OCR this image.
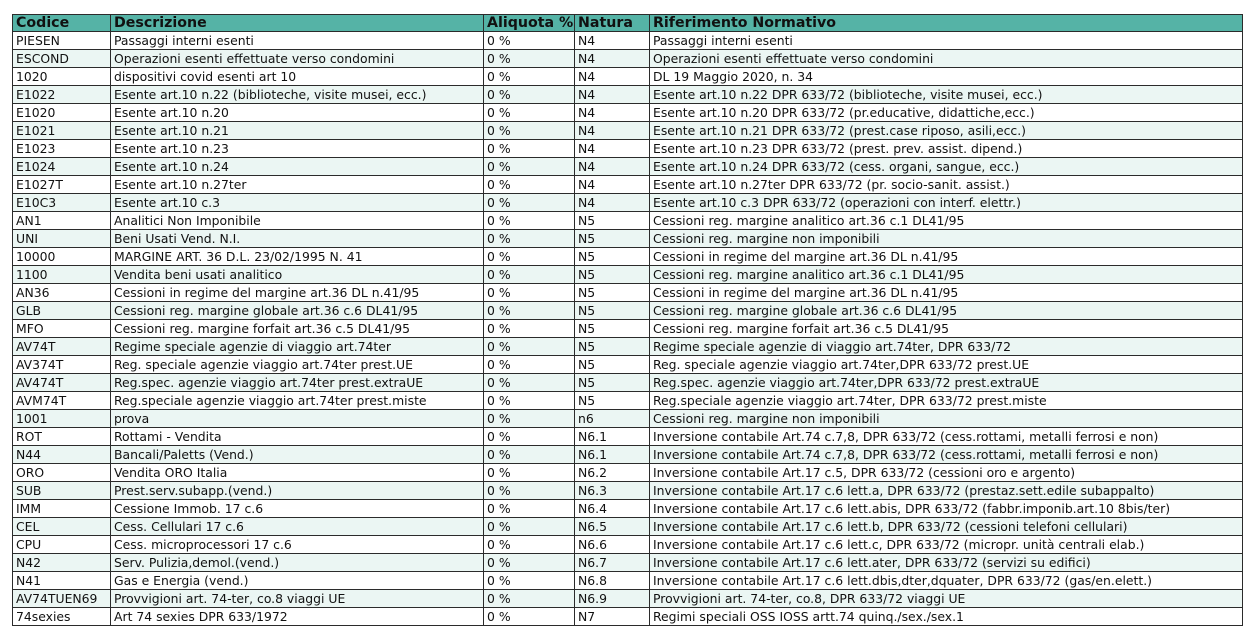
Codice	Descrizione	Aliquota %	Natura	Riferimento Normativo
PIESEN	Passaggi interni esenti	0 %	N4	Passaggi interni esenti
ESCOND	Operazioni esenti effettuate verso condomini	0 %	N4	Operazioni esenti effettuate verso condomini
1020	dispositivi covid esenti art 10	0 %	N4	DL 19 Maggio 2020, n. 34
E1022	Esente art.10 n.22 (biblioteche, visite musei, ecc.)	0 %	N4	Esente art.10 n.22 DPR 633/72 (biblioteche, visite musei, ecc.)
E1020	Esente art.10 n.20	0 %	N4	Esente art.10 n.20 DPR 633/72 (pr.educative, didattiche,ecc.)
E1021	Esente art.10 n.21	0 %	N4	Esente art.10 n.21 DPR 633/72 (prest.case riposo, asili,ecc.)
E1023	Esente art.10 n.23	0 %	N4	Esente art.10 n.23 DPR 633/72 (prest. prev. assist. dipend.)
E1024	Esente art.10 n.24	0 %	N4	Esente art.10 n.24 DPR 633/72 (cess. organi, sangue, ecc.)
E1027T	Esente art.10 n.27ter	0 %	N4	Esente art.10 n.27ter DPR 633/72 (pr. socio-sanit. assist.)
E10C3	Esente art.10 c.3	0 %	N4	Esente art.10 c.3 DPR 633/72 (operazioni con interf. elettr.)
AN1	Analitici Non Imponibile	0 %	N5	Cessioni reg. margine analitico art.36 c.1 DL41/95
UNI	Beni Usati Vend. N.I.	0 %	N5	Cessioni reg. margine non imponibili
10000	MARGINE ART. 36 D.L. 23/02/1995 N. 41	0 %	N5	Cessioni in regime del margine art.36 DL n.41/95
1100	Vendita beni usati analitico	0 %	N5	Cessioni reg. margine analitico art.36 c.1 DL41/95
AN36	Cessioni in regime del margine art.36 DL n.41/95	0 %	N5	Cessioni in regime del margine art.36 DL n.41/95
GLB	Cessioni reg. margine globale art.36 c.6 DL41/95	0 %	N5	Cessioni reg. margine globale art.36 c.6 DL41/95
MFO	Cessioni reg. margine forfait art.36 c.5 DL41/95	0 %	N5	Cessioni reg. margine forfait art.36 c.5 DL41/95
AV74T	Regime speciale agenzie di viaggio art.74ter	0 %	N5	Regime speciale agenzie di viaggio art.74ter, DPR 633/72
AV374T	Reg. speciale agenzie viaggio art.74ter prest.UE	0 %	N5	Reg. speciale agenzie viaggio art.74ter,DPR 633/72 prest.UE
AV474T	Reg.spec. agenzie viaggio art.74ter prest.extraUE	0 %	N5	Reg.spec. agenzie viaggio art.74ter,DPR 633/72 prest.extraUE
AVM74T	Reg.speciale agenzie viaggio art.74ter prest.miste	0 %	N5	Reg.speciale agenzie viaggio art.74ter, DPR 633/72 prest.miste
1001	prova	0 %	n6	Cessioni reg. margine non imponibili
ROT	Rottami - Vendita	0 %	N6.1	Inversione contabile Art.74 c.7,8, DPR 633/72 (cess.rottami, metalli ferrosi e non)
N44	Bancali/Paletts (Vend.)	0 %	N6.1	Inversione contabile Art.74 c.7,8, DPR 633/72 (cess.rottami, metalli ferrosi e non)
ORO	Vendita ORO Italia	0 %	N6.2	Inversione contabile Art.17 c.5, DPR 633/72 (cessioni oro e argento)
SUB	Prest.serv.subapp.(vend.)	0 %	N6.3	Inversione contabile Art.17 c.6 lett.a, DPR 633/72 (prestaz.sett.edile subappalto)
IMM	Cessione Immob. 17 c.6	0 %	N6.4	Inversione contabile Art.17 c.6 lett.abis, DPR 633/72 (fabbr.imponib.art.10 8bis/ter)
CEL	Cess. Cellulari 17 c.6	0 %	N6.5	Inversione contabile Art.17 c.6 lett.b, DPR 633/72 (cessioni telefoni cellulari)
CPU	Cess. microprocessori 17 c.6	0 %	N6.6	Inversione contabile Art.17 c.6 lett.c, DPR 633/72 (micropr. unità centrali elab.)
N42	Serv. Pulizia,demol.(vend.)	0 %	N6.7	Inversione contabile Art.17 c.6 lett.ater, DPR 633/72 (servizi su edifici)
N41	Gas e Energia (vend.)	0 %	N6.8	Inversione contabile Art.17 c.6 lett.dbis,dter,dquater, DPR 633/72 (gas/en.elett.)
AV74TUEN69	Provvigioni art. 74-ter, co.8 viaggi UE	0 %	N6.9	Provvigioni art. 74-ter, co.8, DPR 633/72 viaggi UE
74sexies	Art 74 sexies DPR 633/1972	0 %	N7	Regimi speciali OSS IOSS artt.74 quinq./sex./sex.1
